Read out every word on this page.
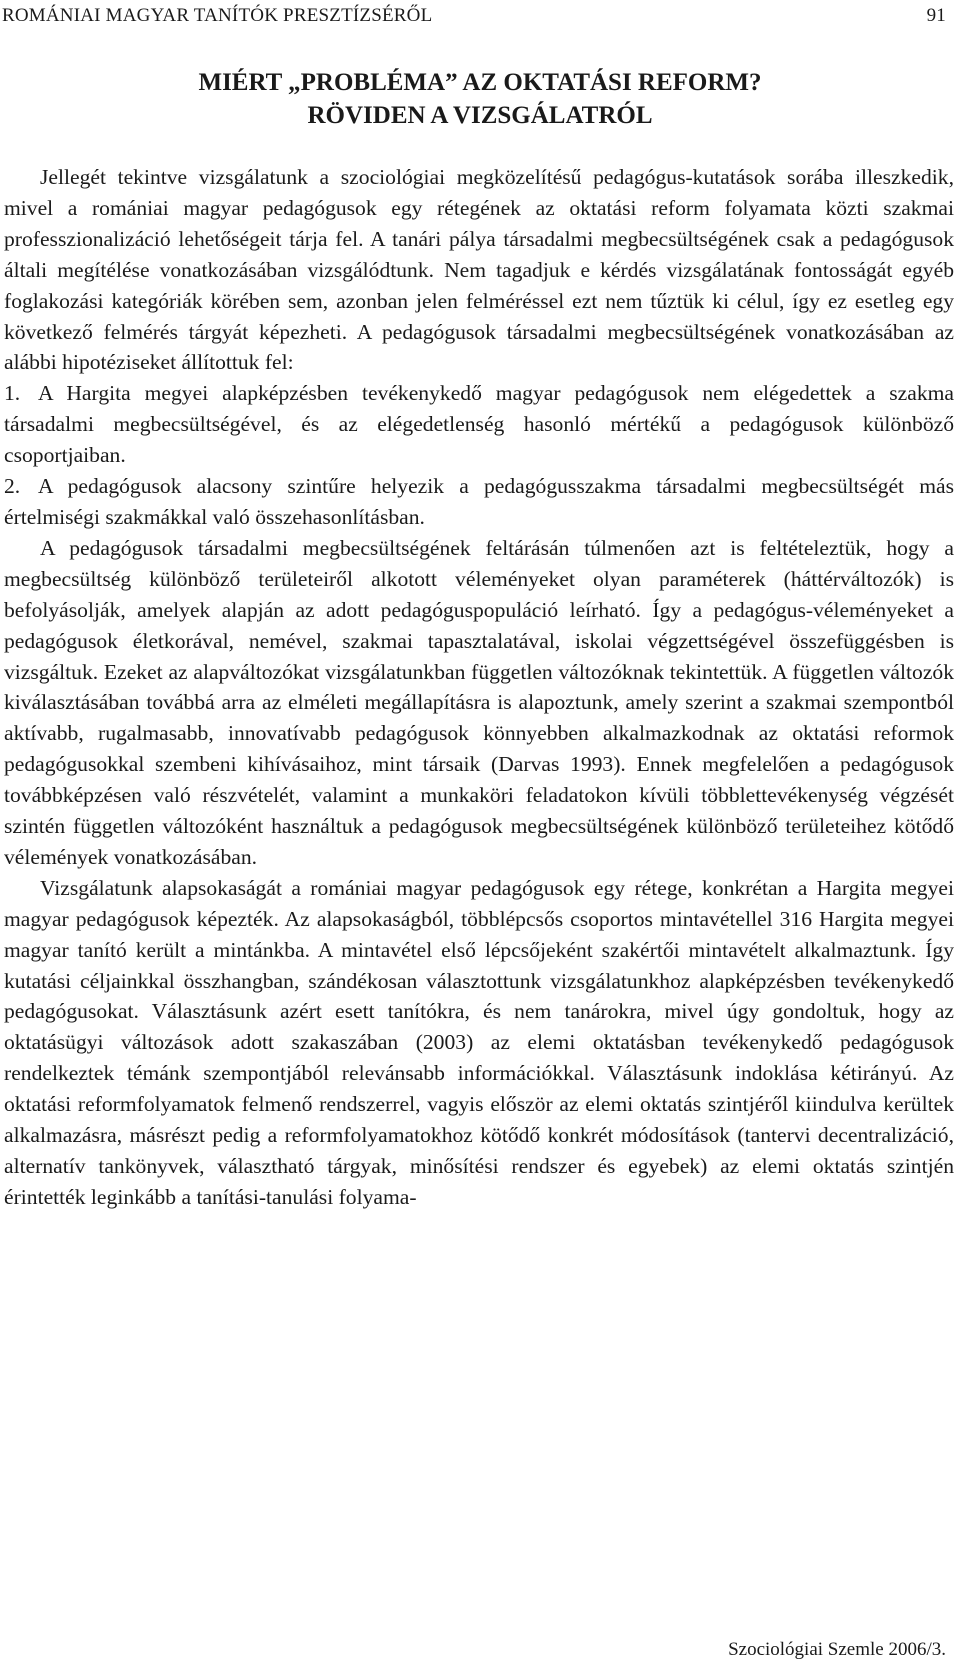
ROMÁNIAI MAGYAR TANÍTÓK PRESZTÍZSÉRŐL	91
MIÉRT „PROBLÉMA” AZ OKTATÁSI REFORM?
RÖVIDEN A VIZSGÁLATRÓL

Jellegét tekintve vizsgálatunk a szociológiai megközelítésű pedagógus-kutatások sorába illeszkedik, mivel a romániai magyar pedagógusok egy rétegének az oktatási reform folyamata közti szakmai professzionalizáció lehetőségeit tárja fel. A tanári pálya társadalmi megbecsültségének csak a pedagógusok általi megítélése vonatkozásában vizsgálódtunk. Nem tagadjuk e kérdés vizsgálatának fontosságát egyéb foglakozási kategóriák körében sem, azonban jelen felméréssel ezt nem tűztük ki célul, így ez esetleg egy következő felmérés tárgyát képezheti. A pedagógusok társadalmi megbecsültségének vonatkozásában az alábbi hipotéziseket állítottuk fel:

1. A Hargita megyei alapképzésben tevékenykedő magyar pedagógusok nem elégedettek a szakma társadalmi megbecsültségével, és az elégedetlenség hasonló mértékű a pedagógusok különböző csoportjaiban.

2. A pedagógusok alacsony szintűre helyezik a pedagógusszakma társadalmi megbecsültségét más értelmiségi szakmákkal való összehasonlításban.

A pedagógusok társadalmi megbecsültségének feltárásán túlmenően azt is feltételeztük, hogy a megbecsültség különböző területeiről alkotott véleményeket olyan paraméterek (háttérváltozók) is befolyásolják, amelyek alapján az adott pedagóguspopuláció leírható. Így a pedagógus-véleményeket a pedagógusok életkorával, nemével, szakmai tapasztalatával, iskolai végzettségével összefüggésben is vizsgáltuk. Ezeket az alapváltozókat vizsgálatunkban független változóknak tekintettük. A független változók kiválasztásában továbbá arra az elméleti megállapításra is alapoztunk, amely szerint a szakmai szempontból aktívabb, rugalmasabb, innovatívabb pedagógusok könnyebben alkalmazkodnak az oktatási reformok pedagógusokkal szembeni kihívásaihoz, mint társaik (Darvas 1993). Ennek megfelelően a pedagógusok továbbképzésen való részvételét, valamint a munkaköri feladatokon kívüli többlettevékenység végzését szintén független változóként használtuk a pedagógusok megbecsültségének különböző területeihez kötődő vélemények vonatkozásában.

Vizsgálatunk alapsokaságát a romániai magyar pedagógusok egy rétege, konkrétan a Hargita megyei magyar pedagógusok képezték. Az alapsokaságból, többlépcsős csoportos mintavétellel 316 Hargita megyei magyar tanító került a mintánkba. A mintavétel első lépcsőjeként szakértői mintavételt alkalmaztunk. Így kutatási céljainkkal összhangban, szándékosan választottunk vizsgálatunkhoz alapképzésben tevékenykedő pedagógusokat. Választásunk azért esett tanítókra, és nem tanárokra, mivel úgy gondoltuk, hogy az oktatásügyi változások adott szakaszában (2003) az elemi oktatásban tevékenykedő pedagógusok rendelkeztek témánk szempontjából relevánsabb információkkal. Választásunk indoklása kétirányú. Az oktatási reformfolyamatok felmenő rendszerrel, vagyis először az elemi oktatás szintjéről kiindulva kerültek alkalmazásra, másrészt pedig a reformfolyamatokhoz kötődő konkrét módosítások (tantervi decentralizáció, alternatív tankönyvek, választható tárgyak, minősítési rendszer és egyebek) az elemi oktatás szintjén érintették leginkább a tanítási-tanulási folyama-

Szociológiai Szemle 2006/3.
